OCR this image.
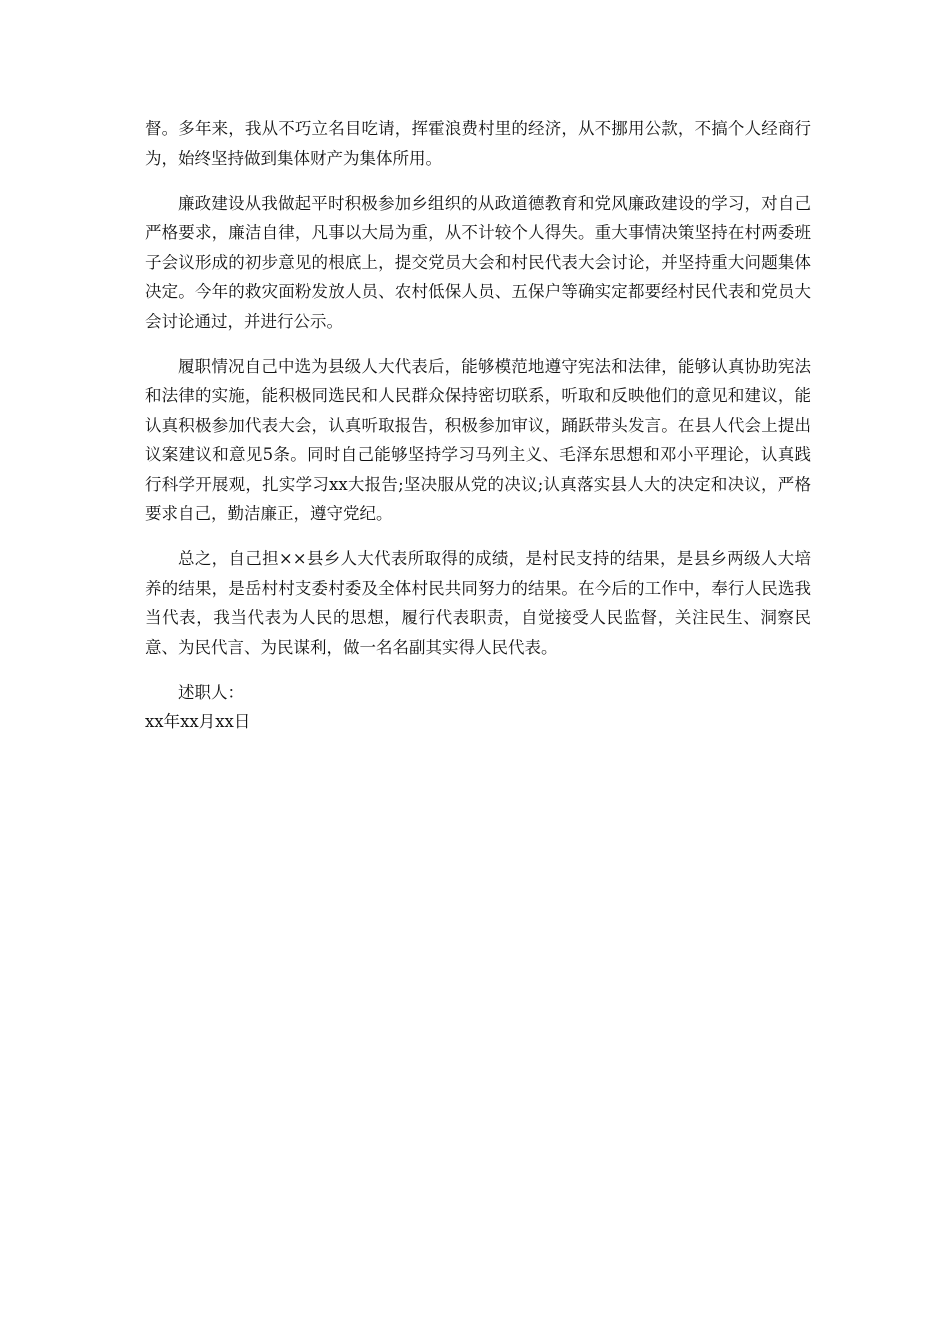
督。多年来，我从不巧立名目吃请，挥霍浪费村里的经济，从不挪用公款，不搞个人经商行为，始终坚持做到集体财产为集体所用。

廉政建设从我做起平时积极参加乡组织的从政道德教育和党风廉政建设的学习，对自己严格要求，廉洁自律，凡事以大局为重，从不计较个人得失。重大事情决策坚持在村两委班子会议形成的初步意见的根底上，提交党员大会和村民代表大会讨论，并坚持重大问题集体决定。今年的救灾面粉发放人员、农村低保人员、五保户等确实定都要经村民代表和党员大会讨论通过，并进行公示。

履职情况自己中选为县级人大代表后，能够模范地遵守宪法和法律，能够认真协助宪法和法律的实施，能积极同选民和人民群众保持密切联系，听取和反映他们的意见和建议，能认真积极参加代表大会，认真听取报告，积极参加审议，踊跃带头发言。在县人代会上提出议案建议和意见5条。同时自己能够坚持学习马列主义、毛泽东思想和邓小平理论，认真践行科学开展观，扎实学习xx大报告;坚决服从党的决议;认真落实县人大的决定和决议，严格要求自己，勤洁廉正，遵守党纪。

总之，自己担××县乡人大代表所取得的成绩，是村民支持的结果，是县乡两级人大培养的结果，是岳村村支委村委及全体村民共同努力的结果。在今后的工作中，奉行人民选我当代表，我当代表为人民的思想，履行代表职责，自觉接受人民监督，关注民生、洞察民意、为民代言、为民谋利，做一名名副其实得人民代表。

述职人：

xx年xx月xx日
